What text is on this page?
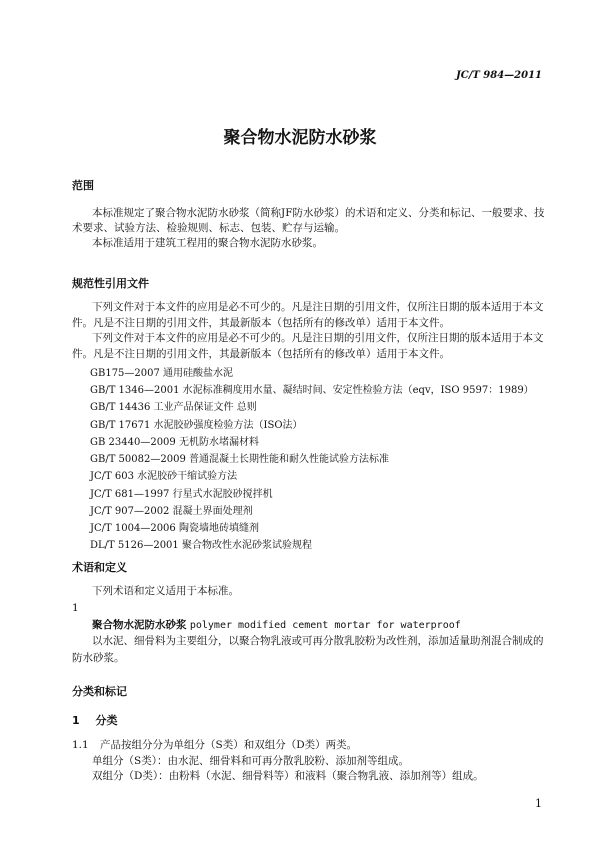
JC/T 984—2011
聚合物水泥防水砂浆
范围
本标准规定了聚合物水泥防水砂浆（简称JF防水砂浆）的术语和定义、分类和标记、一般要求、技
术要求、试验方法、检验规则、标志、包装、贮存与运输。
本标准适用于建筑工程用的聚合物水泥防水砂浆。
规范性引用文件
下列文件对于本文件的应用是必不可少的。凡是注日期的引用文件，仅所注日期的版本适用于本文
件。凡是不注日期的引用文件，其最新版本（包括所有的修改单）适用于本文件。
下列文件对于本文件的应用是必不可少的。凡是注日期的引用文件，仅所注日期的版本适用于本文
件。凡是不注日期的引用文件，其最新版本（包括所有的修改单）适用于本文件。
GB175—2007 通用硅酸盐水泥
GB/T 1346—2001 水泥标准稠度用水量、凝结时间、安定性检验方法（eqv，ISO 9597：1989）
GB/T 14436 工业产品保证文件 总则
GB/T 17671 水泥胶砂强度检验方法（ISO法）
GB 23440—2009 无机防水堵漏材料
GB/T 50082—2009 普通混凝土长期性能和耐久性能试验方法标准
JC/T 603 水泥胶砂干缩试验方法
JC/T 681—1997 行星式水泥胶砂搅拌机
JC/T 907—2002 混凝土界面处理剂
JC/T 1004—2006 陶瓷墙地砖填缝剂
DL/T 5126—2001 聚合物改性水泥砂浆试验规程
术语和定义
下列术语和定义适用于本标准。
1
聚合物水泥防水砂浆 polymer modified cement mortar for waterproof
以水泥、细骨料为主要组分，以聚合物乳液或可再分散乳胶粉为改性剂，添加适量助剂混合制成的
防水砂浆。
分类和标记
1 分类
1.1 产品按组分分为单组分（S类）和双组分（D类）两类。
单组分（S类）：由水泥、细骨料和可再分散乳胶粉、添加剂等组成。
双组分（D类）：由粉料（水泥、细骨料等）和液料（聚合物乳液、添加剂等）组成。
1
